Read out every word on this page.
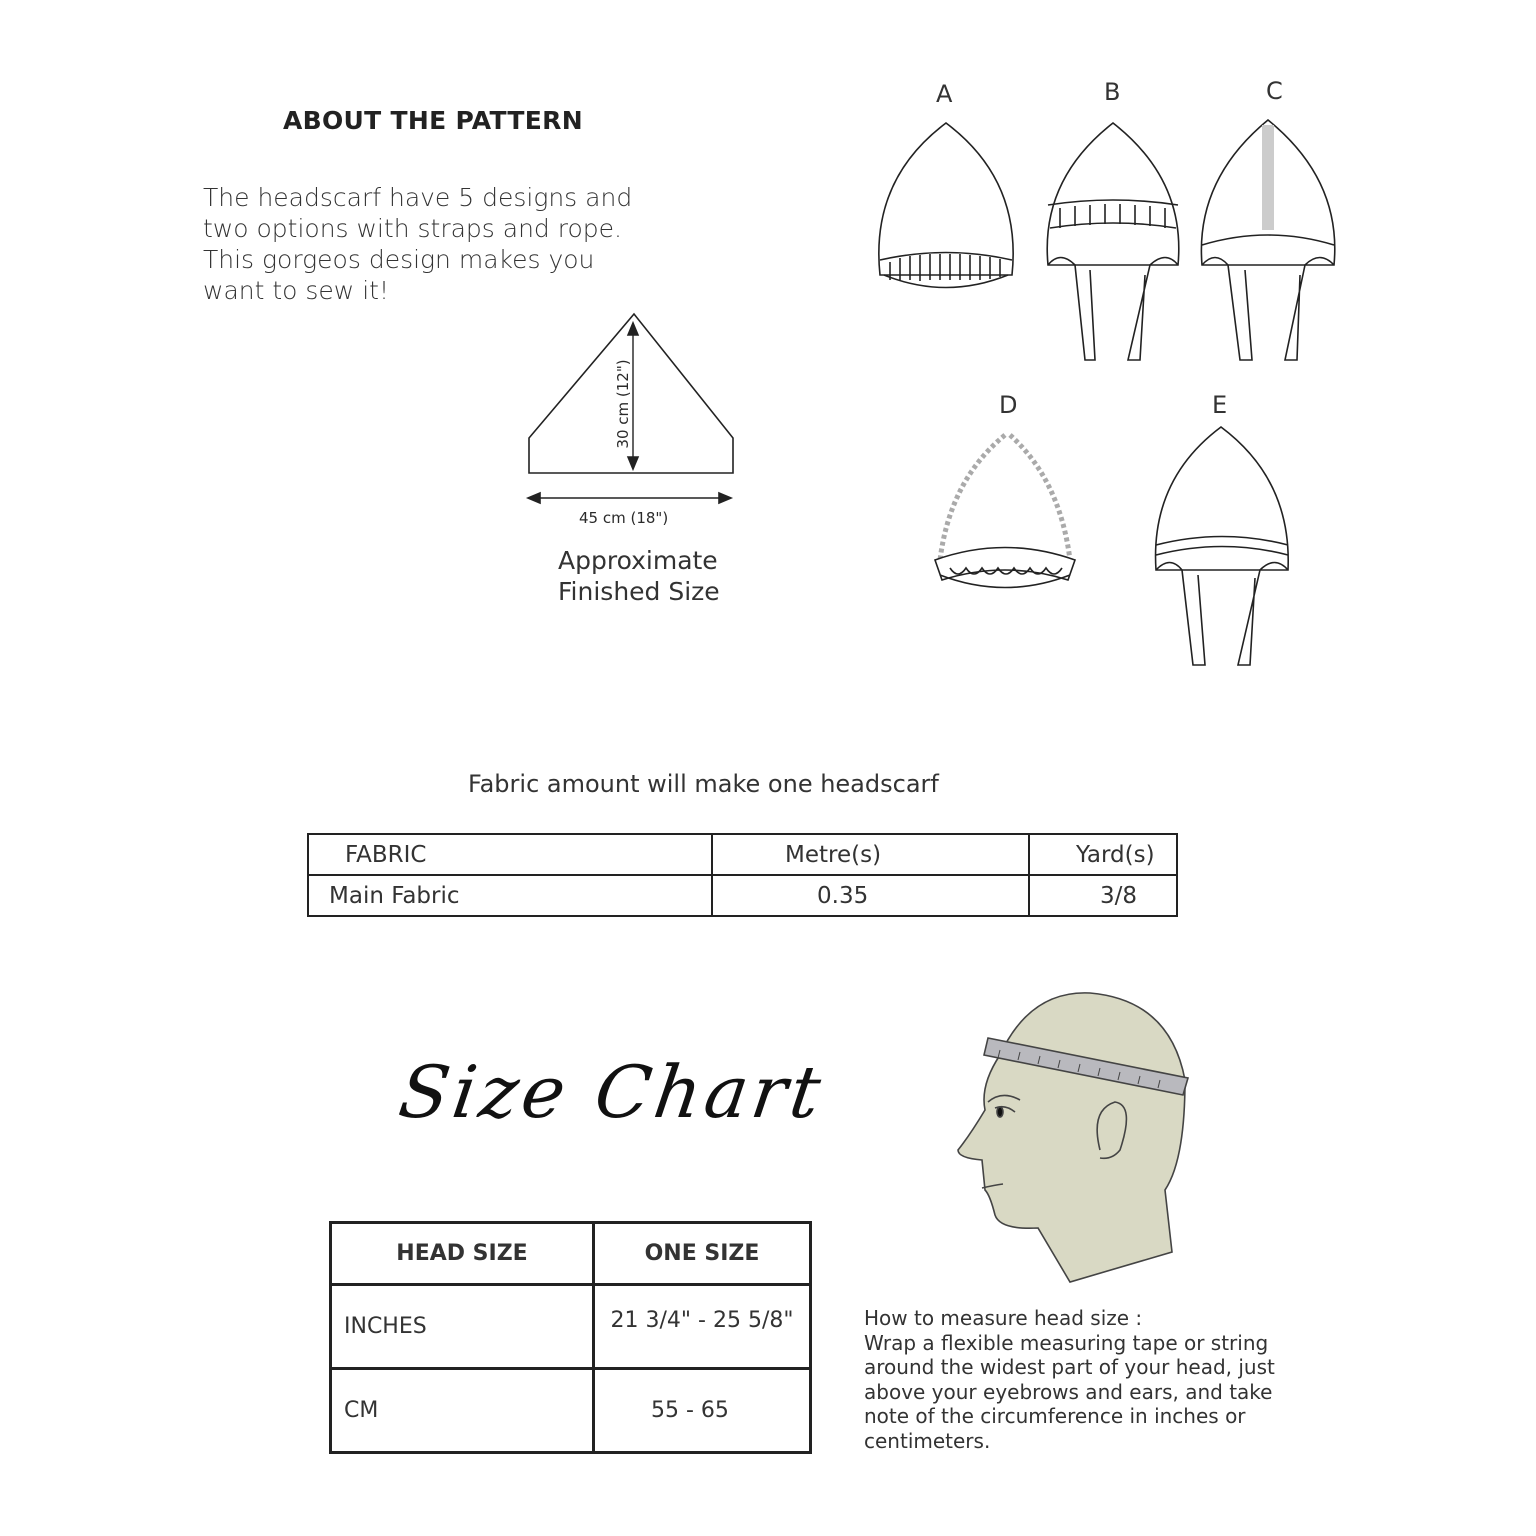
ABOUT THE PATTERN
The headscarf have 5 designs and two options with straps and rope. This gorgeos design makes you want to sew it!
A	B	C
D	E
30 cm (12")
45 cm (18")
Approximate
Finished Size
Fabric amount will make one headscarf
FABRIC	Metre(s)	Yard(s)
Main Fabric	0.35	3/8
Size Chart
HEAD SIZE	ONE SIZE
INCHES	21 3/4" - 25 5/8"
CM	55 - 65
How to measure head size :
Wrap a flexible measuring tape or string around the widest part of your head, just above your eyebrows and ears, and take note of the circumference in inches or centimeters.
